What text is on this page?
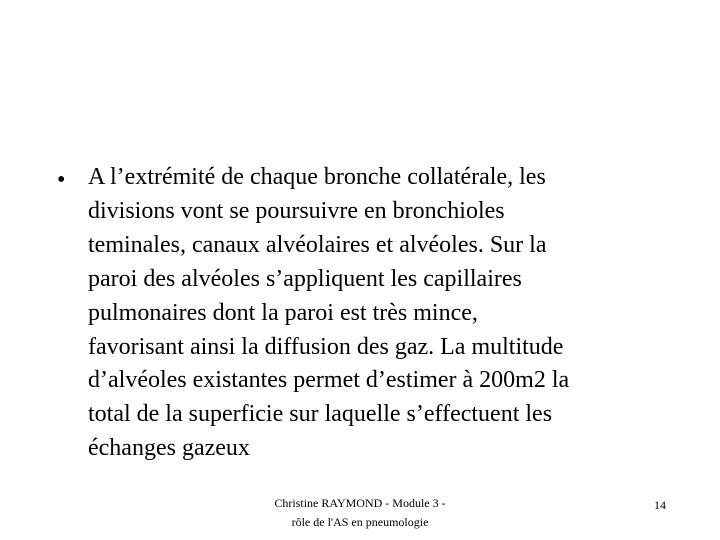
• A l’extrémité de chaque bronche collatérale, les
divisions vont se poursuivre en bronchioles
teminales, canaux alvéolaires et alvéoles. Sur la
paroi des alvéoles s’appliquent les capillaires
pulmonaires dont la paroi est très mince,
favorisant ainsi la diffusion des gaz. La multitude
d’alvéoles existantes permet d’estimer à 200m2 la
total de la superficie sur laquelle s’effectuent les
échanges gazeux
Christine RAYMOND - Module 3 -
rôle de l'AS en pneumologie
14
